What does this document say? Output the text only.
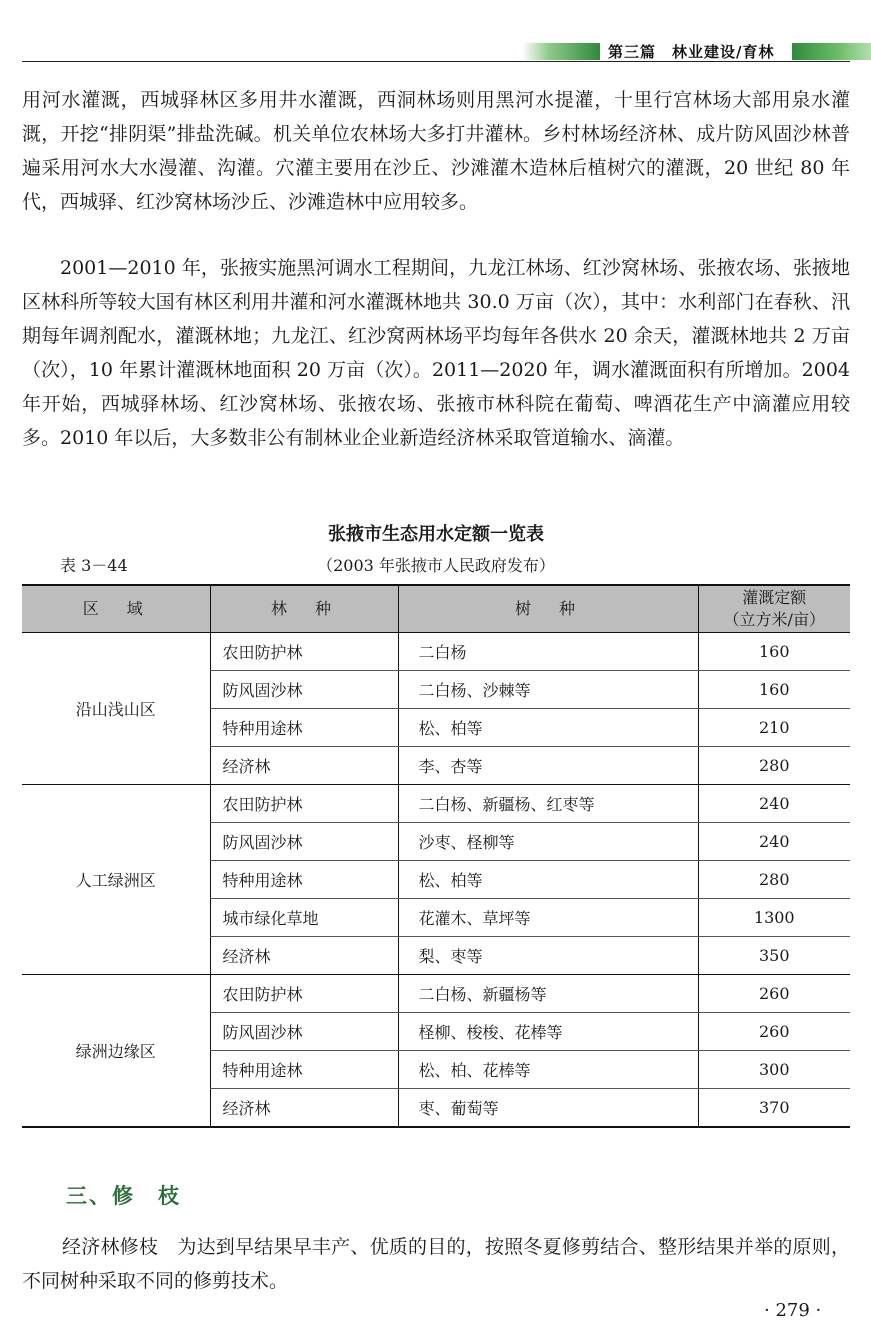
第三篇　林业建设/育林
用河水灌溉，西城驿林区多用井水灌溉，西洞林场则用黑河水提灌，十里行宫林场大部用泉水灌溉，开挖“排阴渠”排盐洗碱。机关单位农林场大多打井灌林。乡村林场经济林、成片防风固沙林普遍采用河水大水漫灌、沟灌。穴灌主要用在沙丘、沙滩灌木造林后植树穴的灌溉，20 世纪 80 年代，西城驿、红沙窝林场沙丘、沙滩造林中应用较多。
2001—2010 年，张掖实施黑河调水工程期间，九龙江林场、红沙窝林场、张掖农场、张掖地区林科所等较大国有林区利用井灌和河水灌溉林地共 30.0 万亩（次），其中：水利部门在春秋、汛期每年调剂配水，灌溉林地；九龙江、红沙窝两林场平均每年各供水 20 余天，灌溉林地共 2 万亩（次），10 年累计灌溉林地面积 20 万亩（次）。2011—2020 年，调水灌溉面积有所增加。2004 年开始，西城驿林场、红沙窝林场、张掖农场、张掖市林科院在葡萄、啤酒花生产中滴灌应用较多。2010 年以后，大多数非公有制林业企业新造经济林采取管道输水、滴灌。
张掖市生态用水定额一览表
（2003 年张掖市人民政府发布）
表 3－44
区　域	林　种	树　种	灌溉定额
（立方米/亩）
沿山浅山区	农田防护林	二白杨	160
	防风固沙林	二白杨、沙棘等	160
	特种用途林	松、柏等	210
	经济林	李、杏等	280
人工绿洲区	农田防护林	二白杨、新疆杨、红枣等	240
	防风固沙林	沙枣、柽柳等	240
	特种用途林	松、柏等	280
	城市绿化草地	花灌木、草坪等	1300
	经济林	梨、枣等	350
绿洲边缘区	农田防护林	二白杨、新疆杨等	260
	防风固沙林	柽柳、梭梭、花棒等	260
	特种用途林	松、柏、花棒等	300
	经济林	枣、葡萄等	370
三、修　枝
经济林修枝　为达到早结果早丰产、优质的目的，按照冬夏修剪结合、整形结果并举的原则，不同树种采取不同的修剪技术。
· 279 ·
